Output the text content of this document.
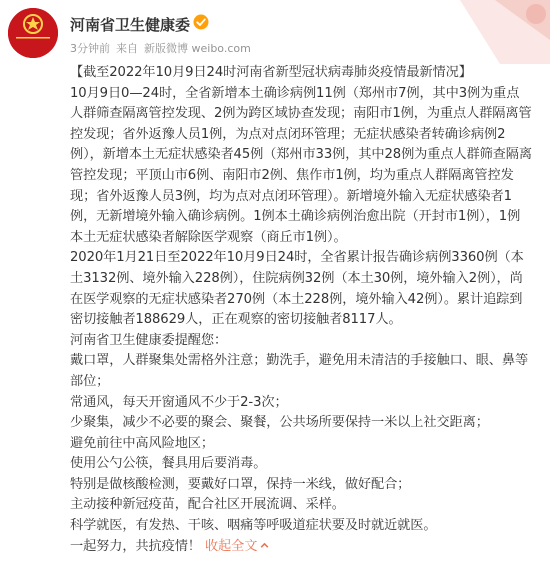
河南省卫生健康委
3分钟前 来自 新版微博 weibo.com

【截至2022年10月9日24时河南省新型冠状病毒肺炎疫情最新情况】

10月9日0—24时，全省新增本土确诊病例11例（郑州市7例，其中3例为重点人群筛查隔离管控发现、2例为跨区域协查发现；南阳市1例，为重点人群隔离管控发现；省外返豫人员1例，为点对点闭环管理；无症状感染者转确诊病例2例），新增本土无症状感染者45例（郑州市33例，其中28例为重点人群筛查隔离管控发现；平顶山市6例、南阳市2例、焦作市1例，均为重点人群隔离管控发现；省外返豫人员3例，均为点对点闭环管理）。新增境外输入无症状感染者1例，无新增境外输入确诊病例。1例本土确诊病例治愈出院（开封市1例），1例本土无症状感染者解除医学观察（商丘市1例）。

2020年1月21日至2022年10月9日24时，全省累计报告确诊病例3360例（本土3132例、境外输入228例），住院病例32例（本土30例，境外输入2例），尚在医学观察的无症状感染者270例（本土228例，境外输入42例）。累计追踪到密切接触者188629人，正在观察的密切接触者8117人。

河南省卫生健康委提醒您：

戴口罩，人群聚集处需格外注意；勤洗手，避免用未清洁的手接触口、眼、鼻等部位；

常通风，每天开窗通风不少于2-3次；

少聚集，减少不必要的聚会、聚餐，公共场所要保持一米以上社交距离；

避免前往中高风险地区；

使用公勺公筷，餐具用后要消毒。

特别是做核酸检测，要戴好口罩，保持一米线，做好配合；

主动接种新冠疫苗，配合社区开展流调、采样。

科学就医，有发热、干咳、咽痛等呼吸道症状要及时就近就医。

一起努力，共抗疫情！ 收起全文
